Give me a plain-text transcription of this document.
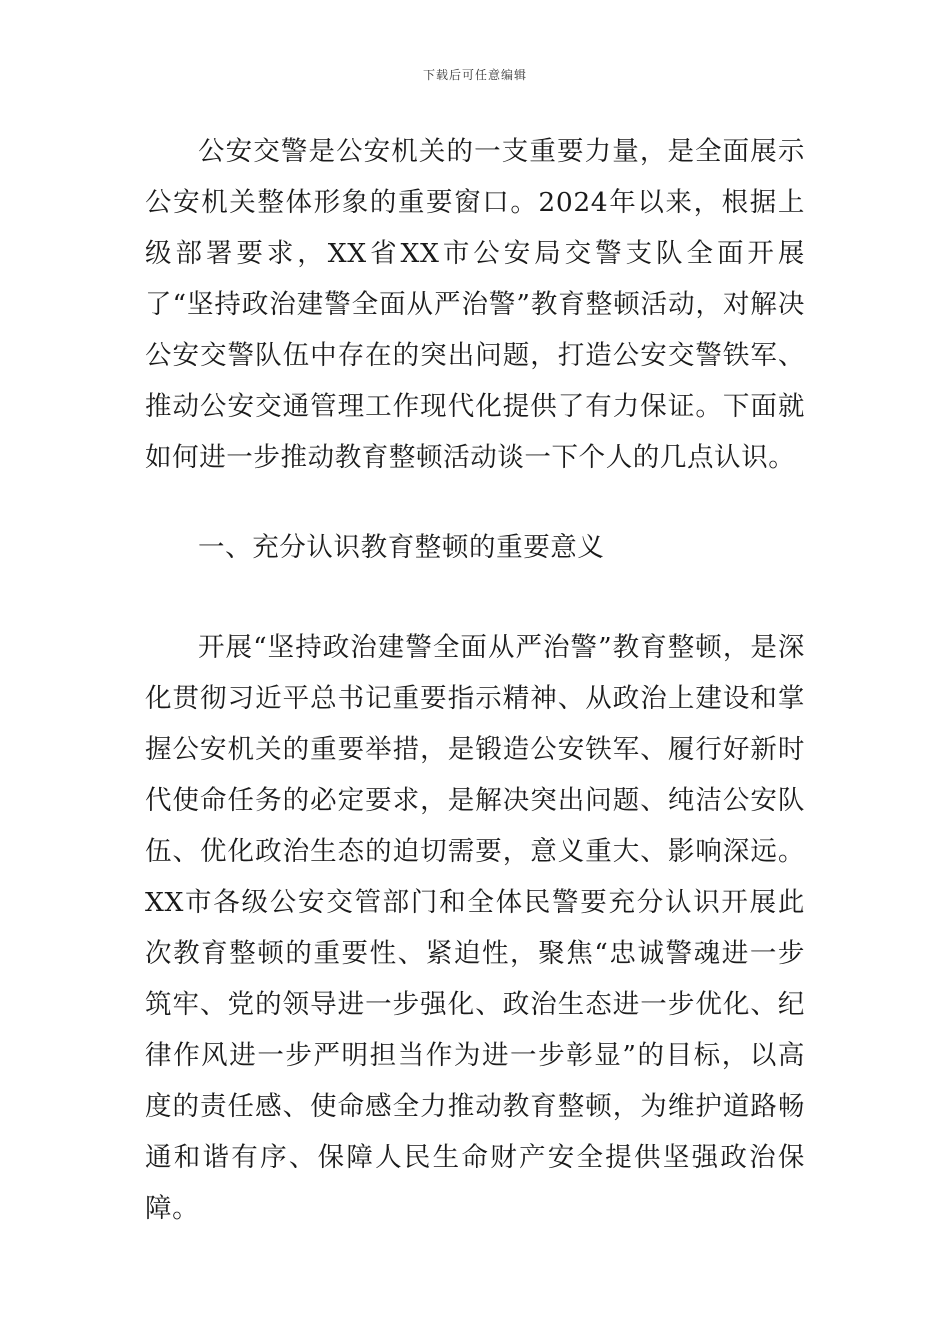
下载后可任意编辑

公安交警是公安机关的一支重要力量，是全面展示公安机关整体形象的重要窗口。2024年以来，根据上级部署要求，XX省XX市公安局交警支队全面开展了“坚持政治建警全面从严治警”教育整顿活动，对解决公安交警队伍中存在的突出问题，打造公安交警铁军、推动公安交通管理工作现代化提供了有力保证。下面就如何进一步推动教育整顿活动谈一下个人的几点认识。

一、充分认识教育整顿的重要意义

开展“坚持政治建警全面从严治警”教育整顿，是深化贯彻习近平总书记重要指示精神、从政治上建设和掌握公安机关的重要举措，是锻造公安铁军、履行好新时代使命任务的必定要求，是解决突出问题、纯洁公安队伍、优化政治生态的迫切需要，意义重大、影响深远。XX市各级公安交管部门和全体民警要充分认识开展此次教育整顿的重要性、紧迫性，聚焦“忠诚警魂进一步筑牢、党的领导进一步强化、政治生态进一步优化、纪律作风进一步严明担当作为进一步彰显”的目标，以高度的责任感、使命感全力推动教育整顿，为维护道路畅通和谐有序、保障人民生命财产安全提供坚强政治保障。
